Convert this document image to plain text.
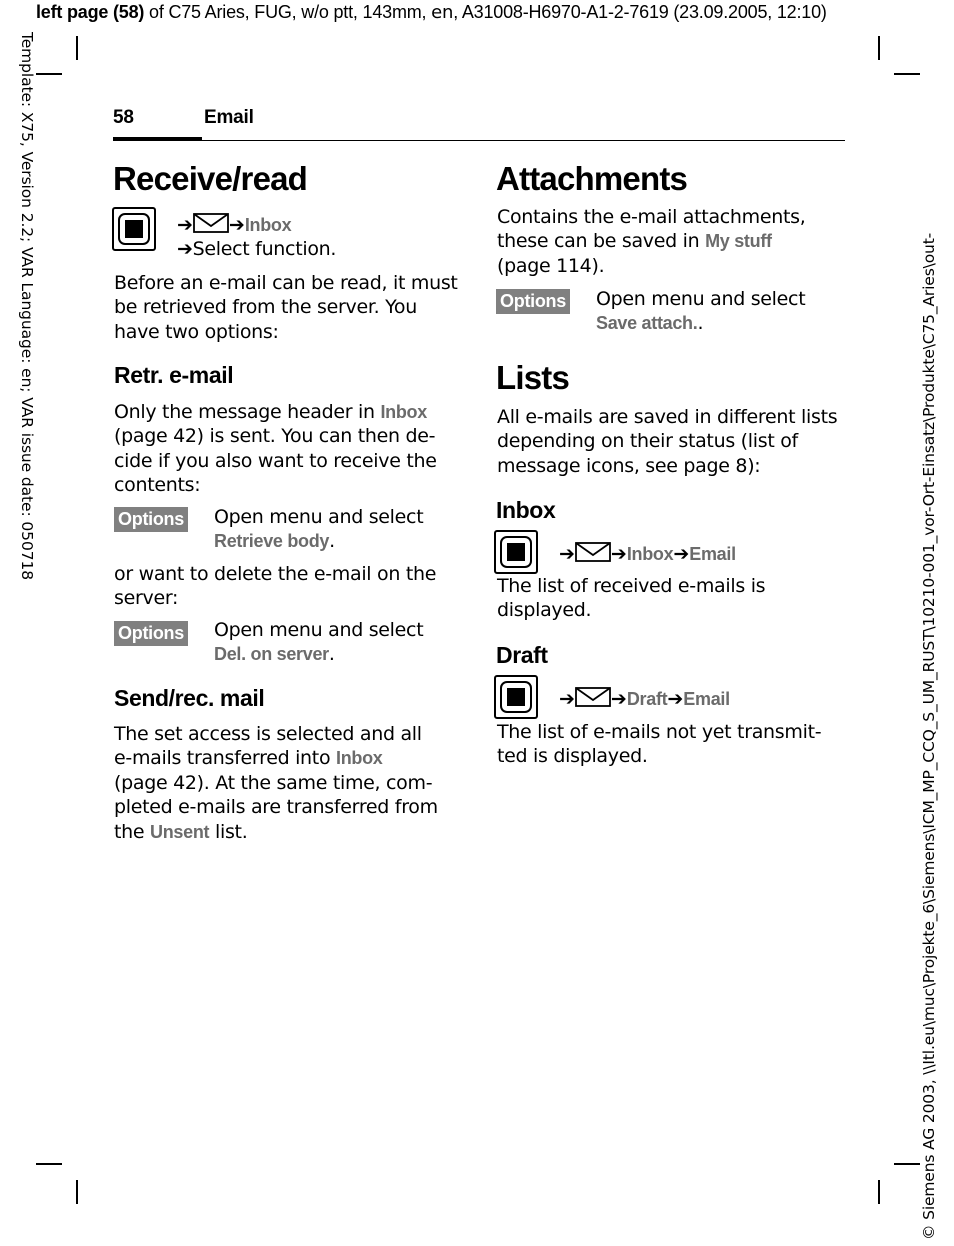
left page (58) of C75 Aries, FUG, w/o ptt, 143mm, en, A31008-H6970-A1-2-7619 (23.09.2005, 12:10)
Template: X75, Version 2.2; VAR Language: en; VAR issue date: 050718	© Siemens AG 2003, \\Itl.eu\muc\Projekte_6\Siemens\ICM_MP_CCQ_S_UM_RUST\10210-001_vor-Ort-Einsatz\Produkte\C75_Aries\out-
58	Email
Receive/read
➔ ➔Inbox
➔Select function.
Before an e-mail can be read, it must
be retrieved from the server. You
have two options:
Retr. e-mail
Only the message header in Inbox
(page 42) is sent. You can then de-
cide if you also want to receive the
contents:
Options Open menu and select
Retrieve body.
or want to delete the e-mail on the
server:
Options Open menu and select
Del. on server.
Send/rec. mail
The set access is selected and all
e-mails transferred into Inbox
(page 42). At the same time, com-
pleted e-mails are transferred from
the Unsent list.
Attachments
Contains the e-mail attachments,
these can be saved in My stuff
(page 114).
Options Open menu and select
Save attach..
Lists
All e-mails are saved in different lists
depending on their status (list of
message icons, see page 8):
Inbox
➔ ➔Inbox➔Email
The list of received e-mails is
displayed.
Draft
➔ ➔Draft➔Email
The list of e-mails not yet transmit-
ted is displayed.
